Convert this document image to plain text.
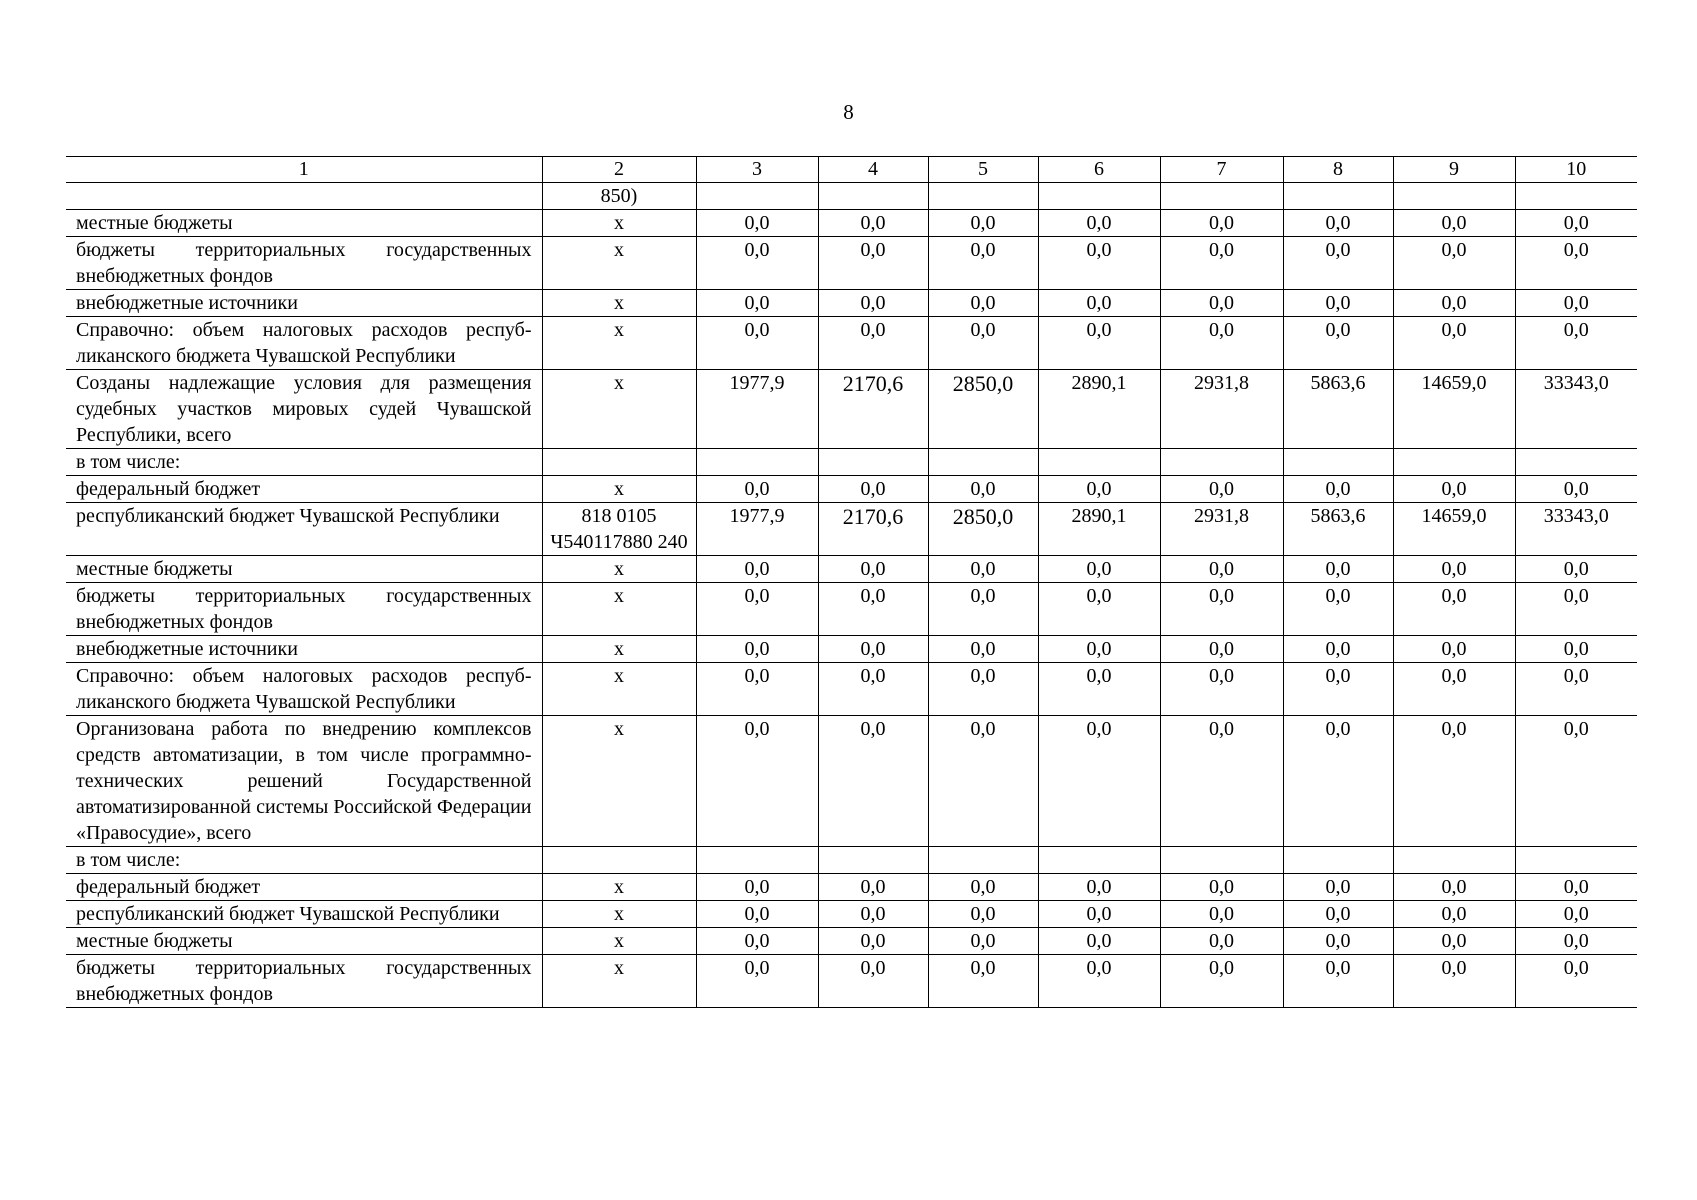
8
1	2	3	4	5	6	7	8	9	10
	850)								
местные бюджеты	х	0,0	0,0	0,0	0,0	0,0	0,0	0,0	0,0
бюджеты территориальных государственных внебюджетных фондов	х	0,0	0,0	0,0	0,0	0,0	0,0	0,0	0,0
внебюджетные источники	х	0,0	0,0	0,0	0,0	0,0	0,0	0,0	0,0
Справочно: объем налоговых расходов республиканского бюджета Чувашской Республики	х	0,0	0,0	0,0	0,0	0,0	0,0	0,0	0,0
Созданы надлежащие условия для размещения судебных участков мировых судей Чувашской Республики, всего	х	1977,9	2170,6	2850,0	2890,1	2931,8	5863,6	14659,0	33343,0
в том числе:									
федеральный бюджет	х	0,0	0,0	0,0	0,0	0,0	0,0	0,0	0,0
республиканский бюджет Чувашской Республики	818 0105 Ч540117880 240	1977,9	2170,6	2850,0	2890,1	2931,8	5863,6	14659,0	33343,0
местные бюджеты	х	0,0	0,0	0,0	0,0	0,0	0,0	0,0	0,0
бюджеты территориальных государственных внебюджетных фондов	х	0,0	0,0	0,0	0,0	0,0	0,0	0,0	0,0
внебюджетные источники	х	0,0	0,0	0,0	0,0	0,0	0,0	0,0	0,0
Справочно: объем налоговых расходов республиканского бюджета Чувашской Республики	х	0,0	0,0	0,0	0,0	0,0	0,0	0,0	0,0
Организована работа по внедрению комплексов средств автоматизации, в том числе программно-технических решений Государственной автоматизированной системы Российской Федерации «Правосудие», всего	х	0,0	0,0	0,0	0,0	0,0	0,0	0,0	0,0
в том числе:									
федеральный бюджет	х	0,0	0,0	0,0	0,0	0,0	0,0	0,0	0,0
республиканский бюджет Чувашской Республики	х	0,0	0,0	0,0	0,0	0,0	0,0	0,0	0,0
местные бюджеты	х	0,0	0,0	0,0	0,0	0,0	0,0	0,0	0,0
бюджеты территориальных государственных внебюджетных фондов	х	0,0	0,0	0,0	0,0	0,0	0,0	0,0	0,0
